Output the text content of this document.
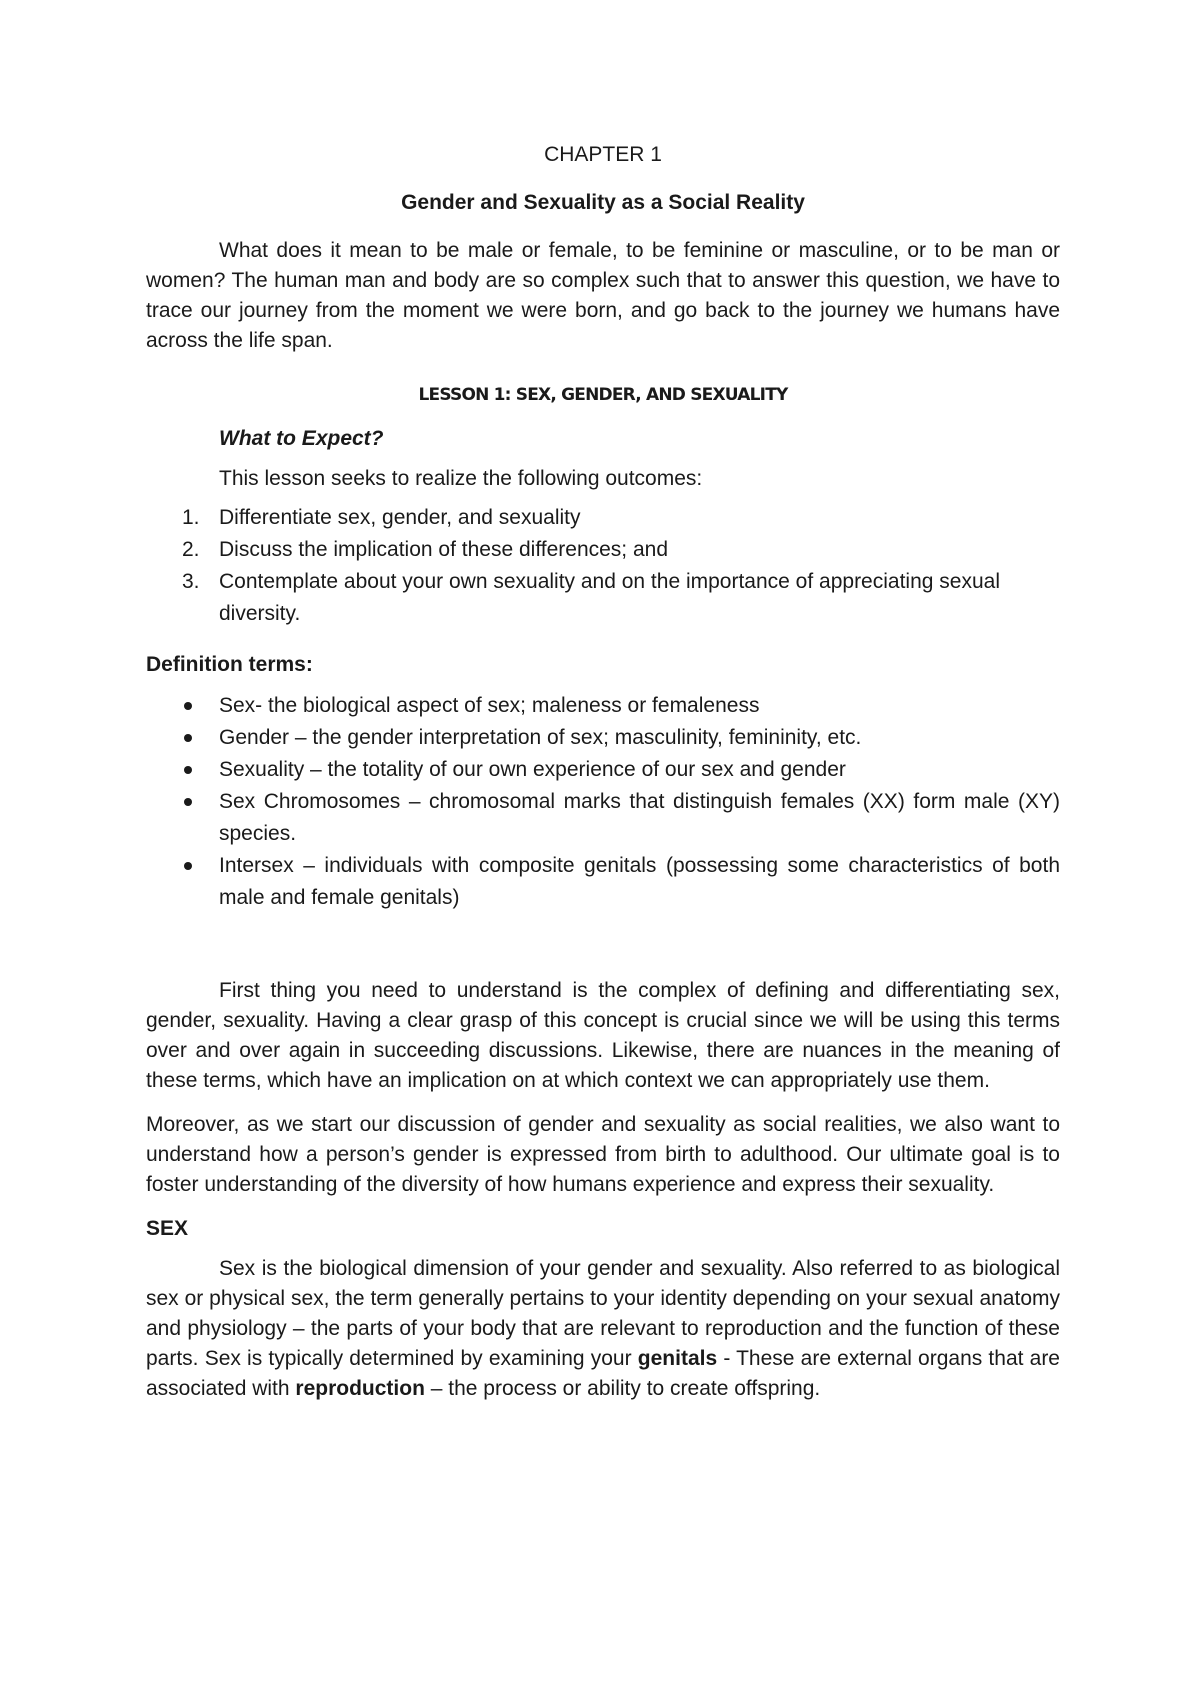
CHAPTER 1

Gender and Sexuality as a Social Reality

What does it mean to be male or female, to be feminine or masculine, or to be man or women? The human man and body are so complex such that to answer this question, we have to trace our journey from the moment we were born, and go back to the journey we humans have across the life span.

LESSON 1: SEX, GENDER, AND SEXUALITY

What to Expect?

This lesson seeks to realize the following outcomes:

1. Differentiate sex, gender, and sexuality
2. Discuss the implication of these differences; and
3. Contemplate about your own sexuality and on the importance of appreciating sexual diversity.

Definition terms:

Sex- the biological aspect of sex; maleness or femaleness
Gender – the gender interpretation of sex; masculinity, femininity, etc.
Sexuality – the totality of our own experience of our sex and gender
Sex Chromosomes – chromosomal marks that distinguish females (XX) form male (XY) species.
Intersex – individuals with composite genitals (possessing some characteristics of both male and female genitals)

First thing you need to understand is the complex of defining and differentiating sex, gender, sexuality. Having a clear grasp of this concept is crucial since we will be using this terms over and over again in succeeding discussions. Likewise, there are nuances in the meaning of these terms, which have an implication on at which context we can appropriately use them.

Moreover, as we start our discussion of gender and sexuality as social realities, we also want to understand how a person’s gender is expressed from birth to adulthood. Our ultimate goal is to foster understanding of the diversity of how humans experience and express their sexuality.

SEX

Sex is the biological dimension of your gender and sexuality. Also referred to as biological sex or physical sex, the term generally pertains to your identity depending on your sexual anatomy and physiology – the parts of your body that are relevant to reproduction and the function of these parts. Sex is typically determined by examining your genitals - These are external organs that are associated with reproduction – the process or ability to create offspring.
